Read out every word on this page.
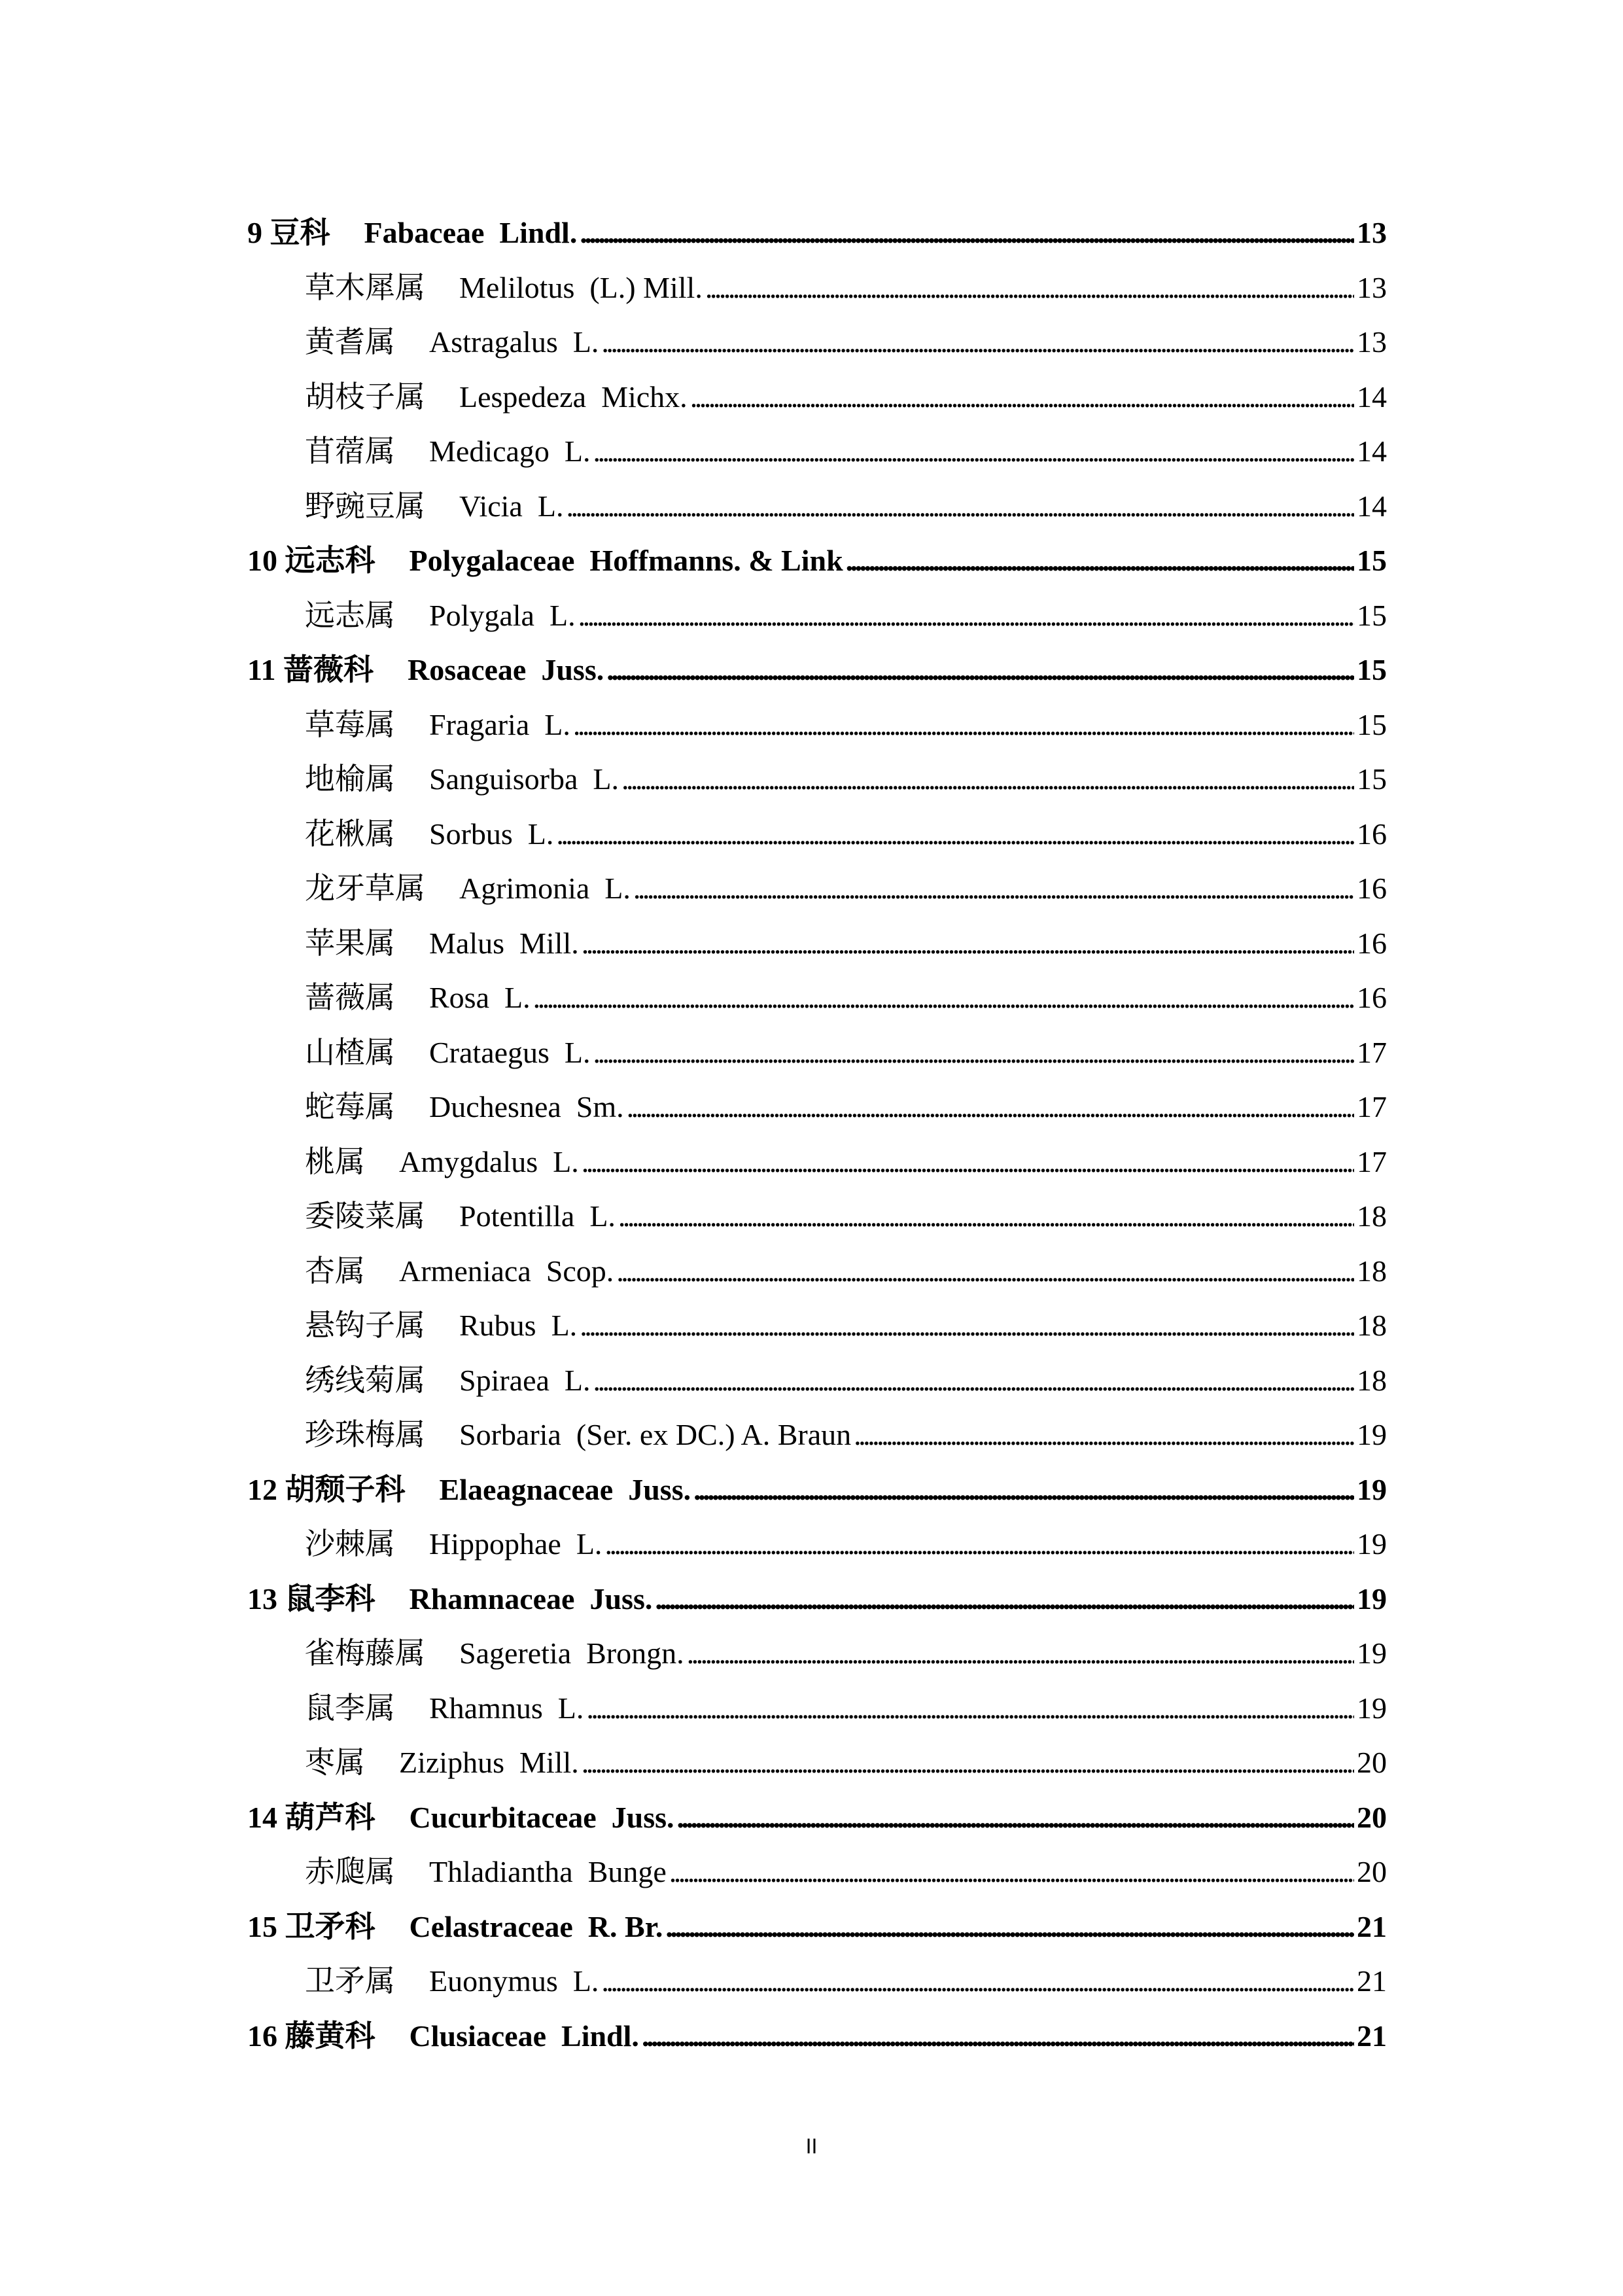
9 豆科 Fabaceae  Lindl. . . .	13
草木犀属 Melilotus  (L.) Mill. . . .	13
黄耆属 Astragalus  L. . . .	13
胡枝子属 Lespedeza  Michx. . . .	14
苜蓿属 Medicago  L. . . .	14
野豌豆属 Vicia  L. . . .	14
10 远志科 Polygalaceae  Hoffmanns. & Link . . .	15
远志属 Polygala  L. . . .	15
11 蔷薇科 Rosaceae  Juss. . . .	15
草莓属 Fragaria  L. . . .	15
地榆属 Sanguisorba  L. . . .	15
花楸属 Sorbus  L. . . .	16
龙牙草属 Agrimonia  L. . . .	16
苹果属 Malus  Mill. . . .	16
蔷薇属 Rosa  L. . . .	16
山楂属 Crataegus  L. . . .	17
蛇莓属 Duchesnea  Sm. . . .	17
桃属 Amygdalus  L. . . .	17
委陵菜属 Potentilla  L. . . .	18
杏属 Armeniaca  Scop. . . .	18
悬钩子属 Rubus  L. . . .	18
绣线菊属 Spiraea  L. . . .	18
珍珠梅属 Sorbaria  (Ser. ex DC.) A. Braun . . .	19
12 胡颓子科 Elaeagnaceae  Juss. . . .	19
沙棘属 Hippophae  L. . . .	19
13 鼠李科 Rhamnaceae  Juss. . . .	19
雀梅藤属 Sageretia  Brongn. . . .	19
鼠李属 Rhamnus  L. . . .	19
枣属 Ziziphus  Mill. . . .	20
14 葫芦科 Cucurbitaceae  Juss. . . .	20
赤瓟属 Thladiantha  Bunge . . .	20
15 卫矛科 Celastraceae  R. Br. . . .	21
卫矛属 Euonymus  L. . . .	21
16 藤黄科 Clusiaceae  Lindl. . . .	21
II
